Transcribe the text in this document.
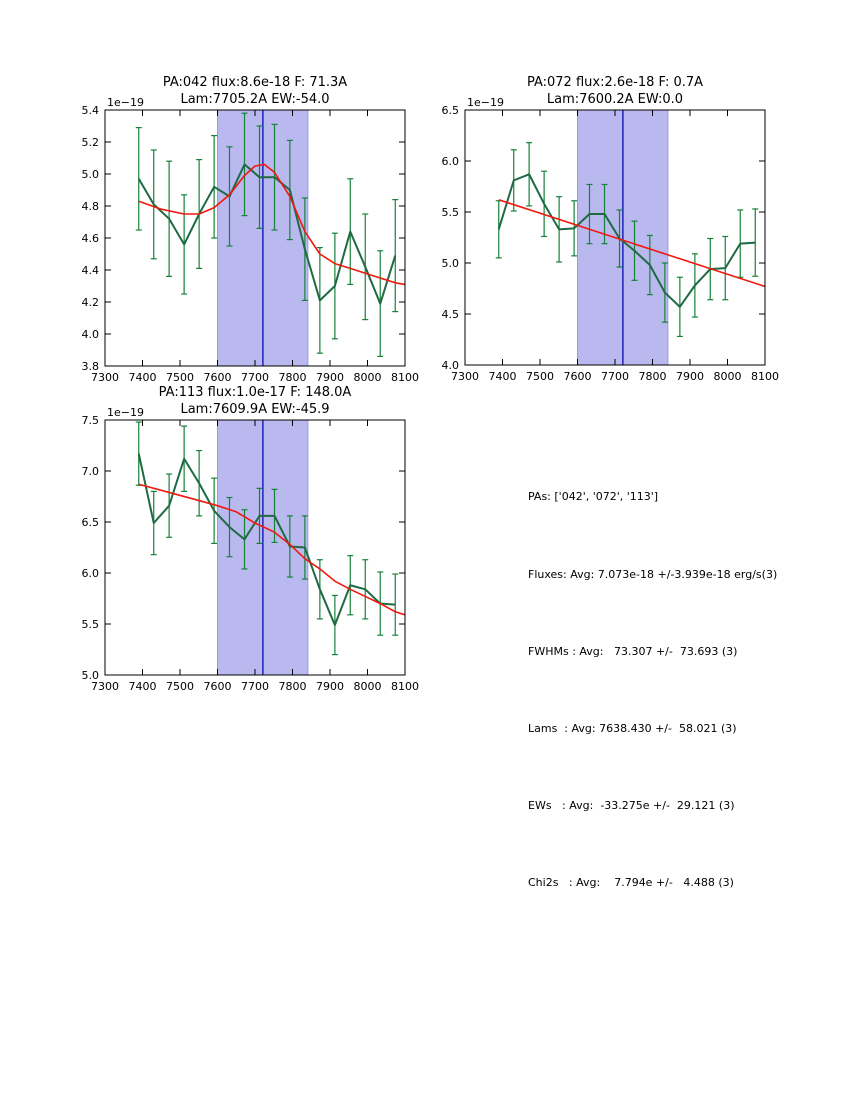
7300 7400 7500 7600 7700 7800 7900 8000 8100
3.8
4.0
4.2
4.4
4.6
4.8
5.0
5.2
5.4
PA:042 flux:8.6e-18 F: 71.3A
Lam:7705.2A EW:-54.0
1e−19
7300 7400 7500 7600 7700 7800 7900 8000 8100
4.0
4.5
5.0
5.5
6.0
6.5
PA:072 flux:2.6e-18 F: 0.7A
Lam:7600.2A EW:0.0
1e−19
7300 7400 7500 7600 7700 7800 7900 8000 8100
5.0
5.5
6.0
6.5
7.0
7.5
PA:113 flux:1.0e-17 F: 148.0A
Lam:7609.9A EW:-45.9
1e−19

PAs: ['042', '072', '113']

Fluxes: Avg: 7.073e-18 +/-3.939e-18 erg/s(3)

FWHMs : Avg:   73.307 +/-  73.693 (3)

Lams  : Avg: 7638.430 +/-  58.021 (3)

EWs   : Avg:  -33.275e +/-  29.121 (3)

Chi2s   : Avg:    7.794e +/-   4.488 (3)
